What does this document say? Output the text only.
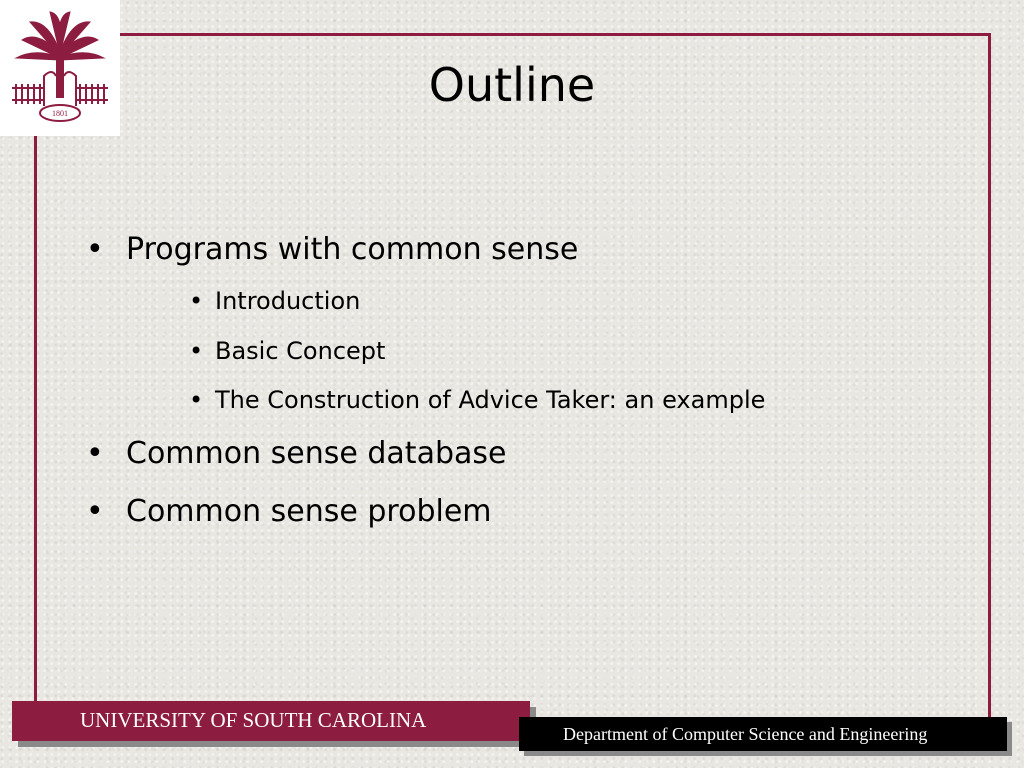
1801
Outline
• Programs with common sense
• Introduction
• Basic Concept
• The Construction of Advice Taker: an example
• Common sense database
• Common sense problem
UNIVERSITY OF SOUTH CAROLINA
Department of Computer Science and Engineering
